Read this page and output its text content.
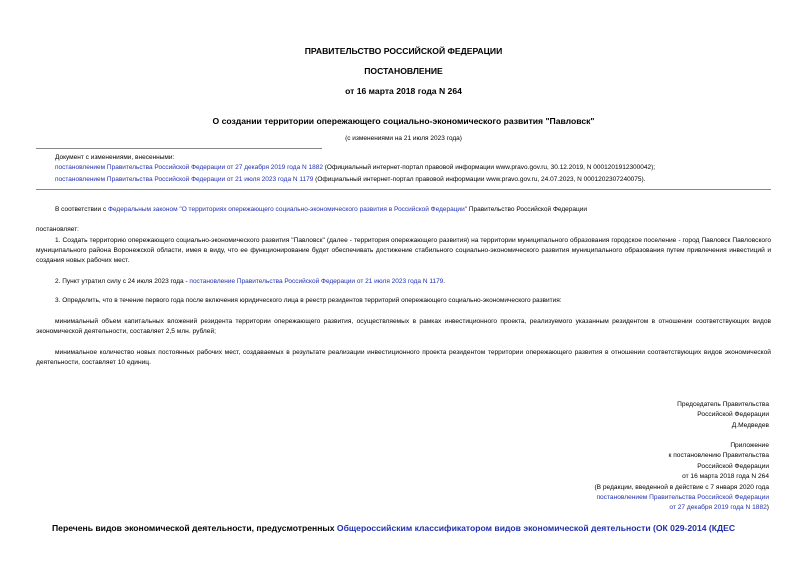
ПРАВИТЕЛЬСТВО РОССИЙСКОЙ ФЕДЕРАЦИИ
ПОСТАНОВЛЕНИЕ
от 16 марта 2018 года N 264
О создании территории опережающего социально-экономического развития "Павловск"
(с изменениями на 21 июля 2023 года)
Документ с изменениями, внесенными:
постановлением Правительства Российской Федерации от 27 декабря 2019 года N 1882 (Официальный интернет-портал правовой информации www.pravo.gov.ru, 30.12.2019, N 0001201912300042);
постановлением Правительства Российской Федерации от 21 июля 2023 года N 1179 (Официальный интернет-портал правовой информации www.pravo.gov.ru, 24.07.2023, N 0001202307240075).
В соответствии с Федеральным законом "О территориях опережающего социально-экономического развития в Российской Федерации" Правительство Российской Федерации
постановляет:
1. Создать территорию опережающего социально-экономического развития "Павловск" (далее - территория опережающего развития) на территории муниципального образования городское поселение - город Павловск Павловского муниципального района Воронежской области, имея в виду, что ее функционирование будет обеспечивать достижение стабильного социально-экономического развития муниципального образования путем привлечения инвестиций и создания новых рабочих мест.
2. Пункт утратил силу с 24 июля 2023 года - постановление Правительства Российской Федерации от 21 июля 2023 года N 1179.
3. Определить, что в течение первого года после включения юридического лица в реестр резидентов территорий опережающего социально-экономического развития:
минимальный объем капитальных вложений резидента территории опережающего развития, осуществляемых в рамках инвестиционного проекта, реализуемого указанным резидентом в отношении соответствующих видов экономической деятельности, составляет 2,5 млн. рублей;
минимальное количество новых постоянных рабочих мест, создаваемых в результате реализации инвестиционного проекта резидентом территории опережающего развития в отношении соответствующих видов экономической деятельности, составляет 10 единиц.
Председатель Правительства
Российской Федерации
Д.Медведев
Приложение
к постановлению Правительства
Российской Федерации
от 16 марта 2018 года N 264
(В редакции, введенной в действие с 7 января 2020 года
постановлением Правительства Российской Федерации
от 27 декабря 2019 года N 1882)
Перечень видов экономической деятельности, предусмотренных Общероссийским классификатором видов экономической деятельности (ОК 029-2014 (КДЕС
